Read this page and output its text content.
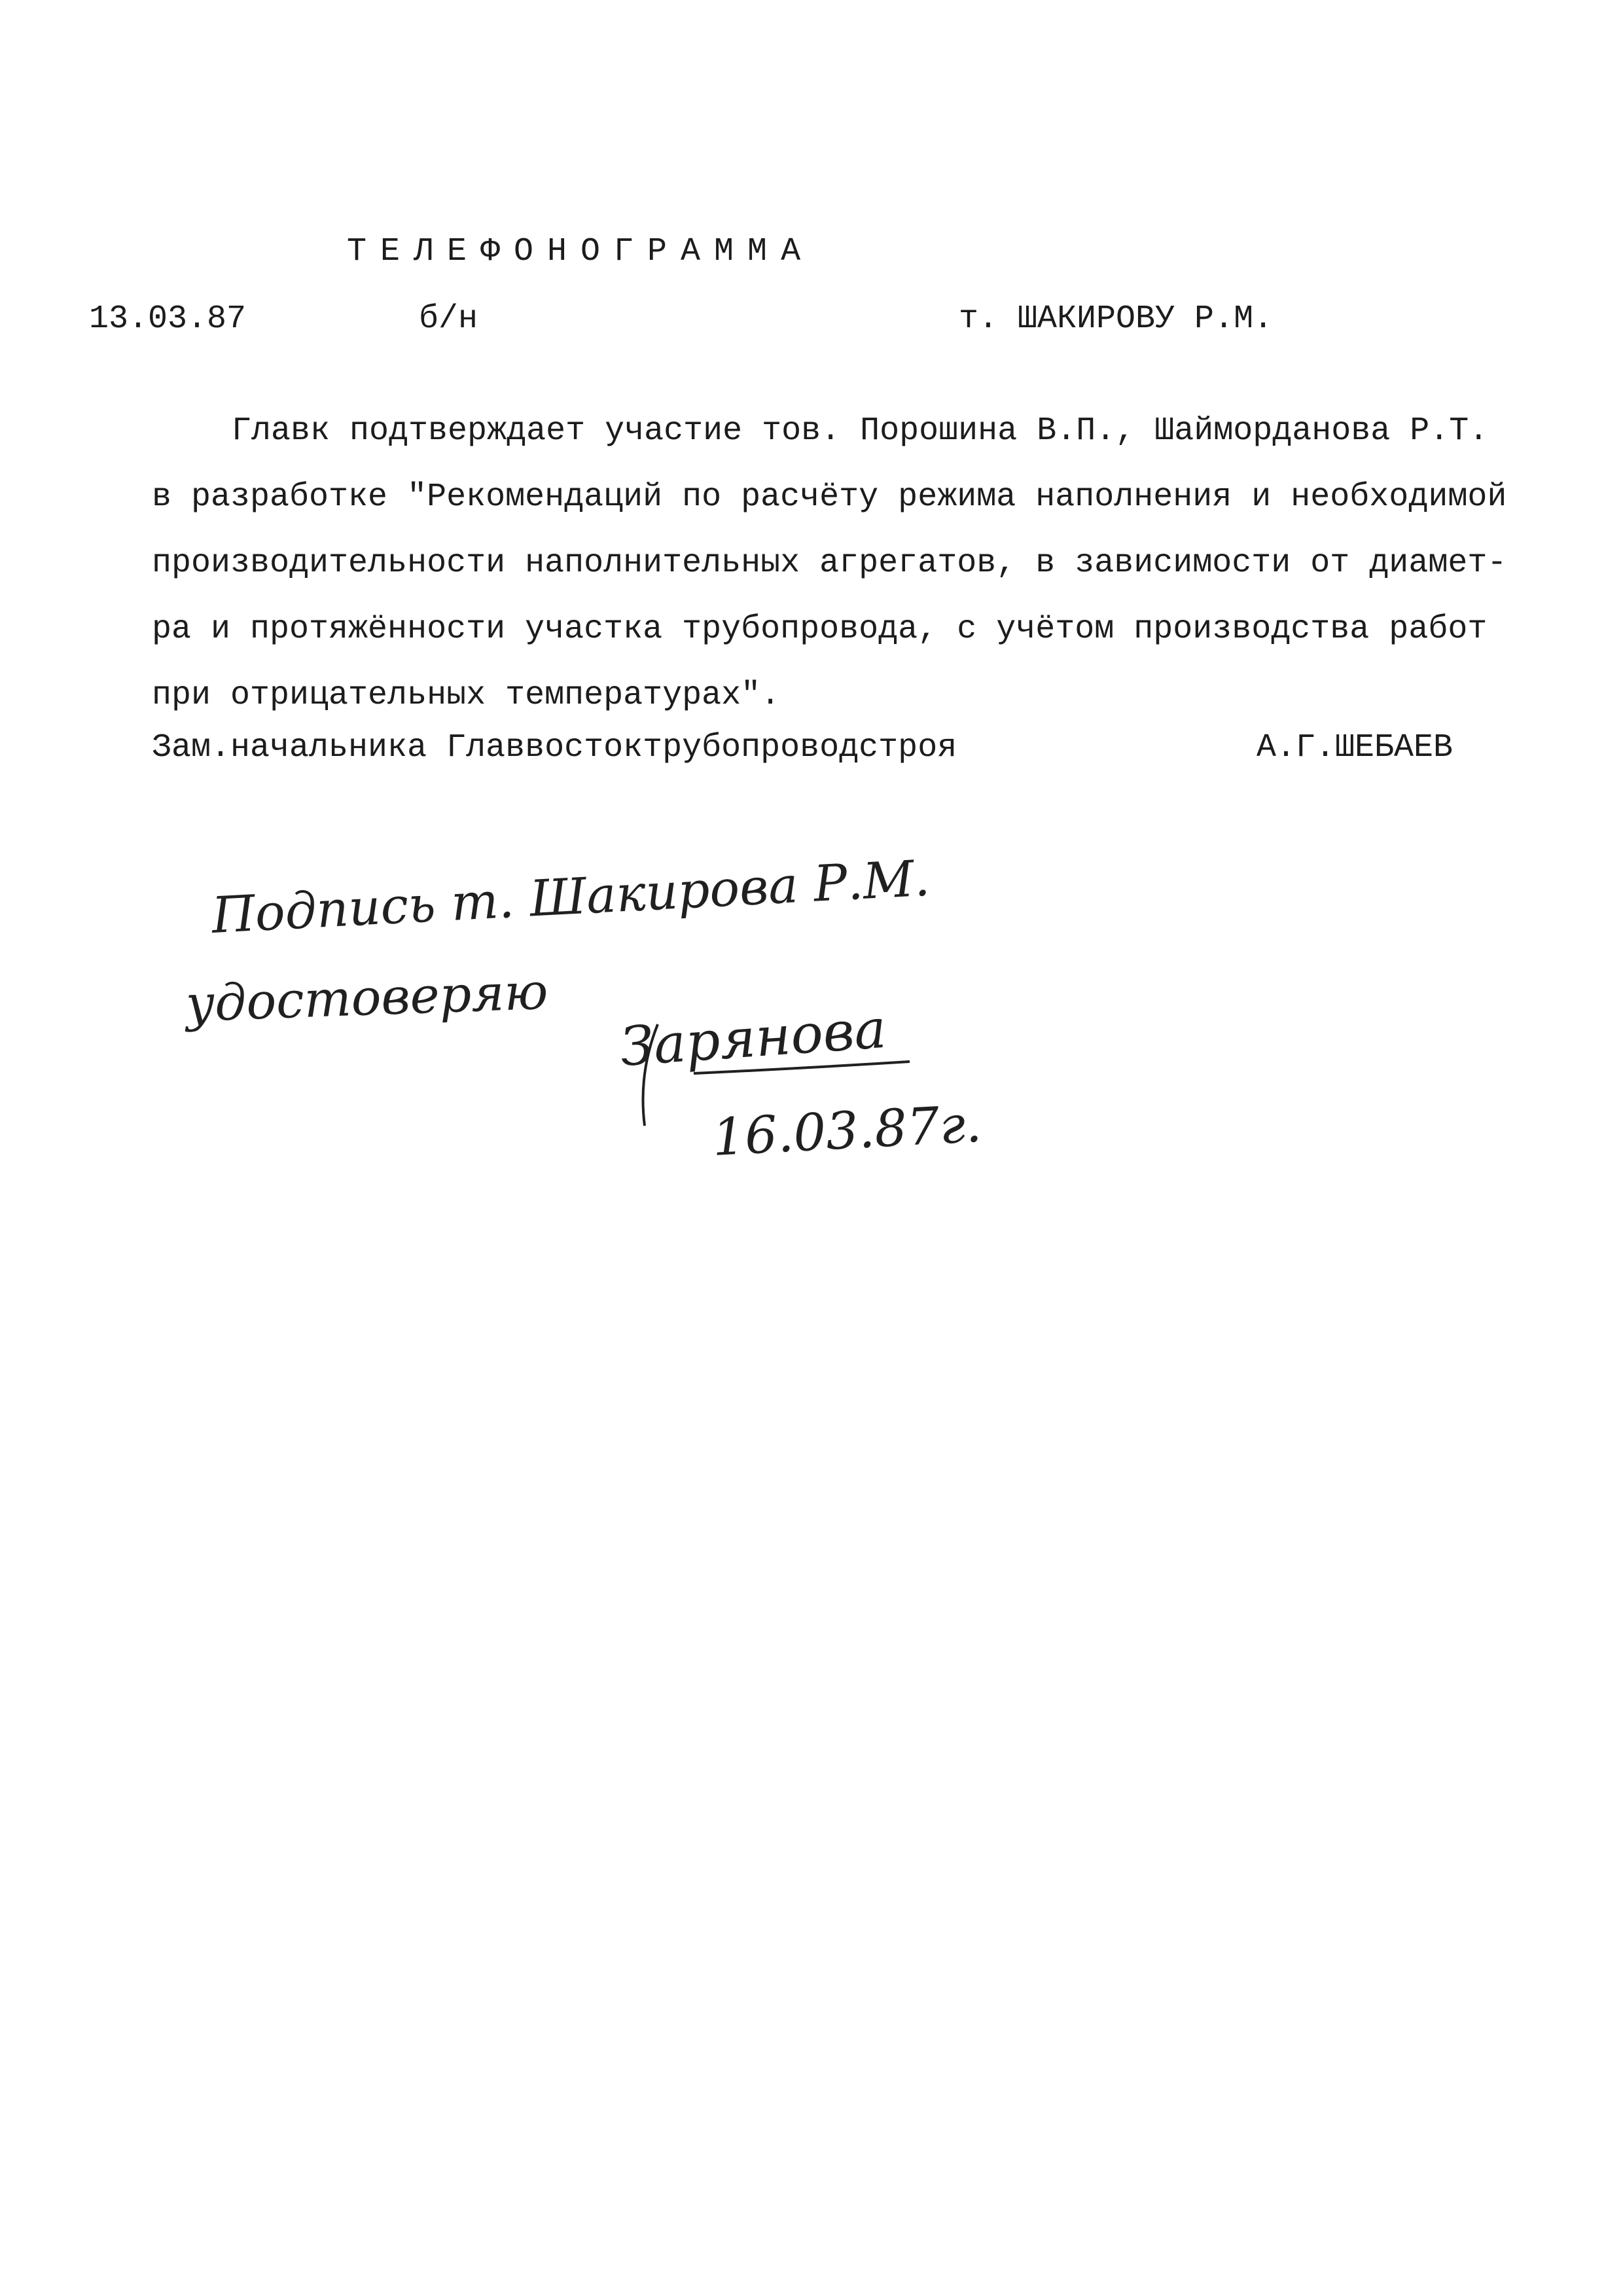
ТЕЛЕФОНОГРАММА
13.03.87	б/н	т. ШАКИРОВУ Р.М.
Главк подтверждает участие тов. Порошина В.П., Шайморданова Р.Т.
в разработке "Рекомендаций по расчёту режима наполнения и необходимой
производительности наполнительных агрегатов, в зависимости от диамет-
ра и протяжённости участка трубопровода, с учётом производства работ
при отрицательных температурах".
Зам.начальника Главвостоктрубопроводстроя	А.Г.ШЕБАЕВ
Подпись т. Шакирова Р.М.
удостоверяю
Зарянова
16.03.87г.
